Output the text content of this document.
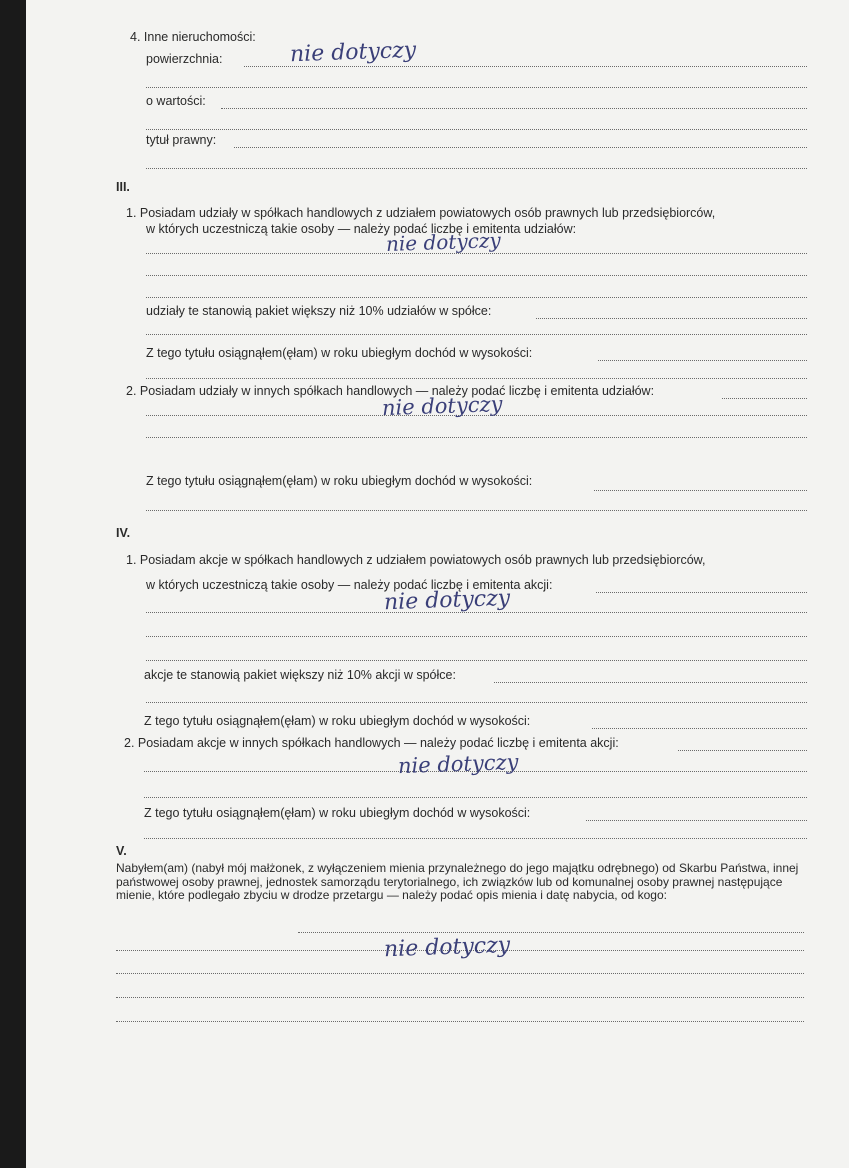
4. Inne nieruchomości:
powierzchnia:
o wartości:
tytuł prawny:
III.
1. Posiadam udziały w spółkach handlowych z udziałem powiatowych osób prawnych lub przedsiębiorców,
w których uczestniczą takie osoby — należy podać liczbę i emitenta udziałów:
udziały te stanowią pakiet większy niż 10% udziałów w spółce:
Z tego tytułu osiągnąłem(ęłam) w roku ubiegłym dochód w wysokości:
2. Posiadam udziały w innych spółkach handlowych — należy podać liczbę i emitenta udziałów:
Z tego tytułu osiągnąłem(ęłam) w roku ubiegłym dochód w wysokości:
IV.
1. Posiadam akcje w spółkach handlowych z udziałem powiatowych osób prawnych lub przedsiębiorców,
w których uczestniczą takie osoby — należy podać liczbę i emitenta akcji:
akcje te stanowią pakiet większy niż 10% akcji w spółce:
Z tego tytułu osiągnąłem(ęłam) w roku ubiegłym dochód w wysokości:
2. Posiadam akcje w innych spółkach handlowych — należy podać liczbę i emitenta akcji:
Z tego tytułu osiągnąłem(ęłam) w roku ubiegłym dochód w wysokości:
V.
Nabyłem(am) (nabył mój małżonek, z wyłączeniem mienia przynależnego do jego majątku odrębnego) od Skarbu Państwa, innej państwowej osoby prawnej, jednostek samorządu terytorialnego, ich związków lub od komunalnej osoby prawnej następujące mienie, które podlegało zbyciu w drodze przetargu — należy podać opis mienia i datę nabycia, od kogo:
nie dotyczy
nie dotyczy
nie dotyczy
nie dotyczy
nie dotyczy
nie dotyczy
